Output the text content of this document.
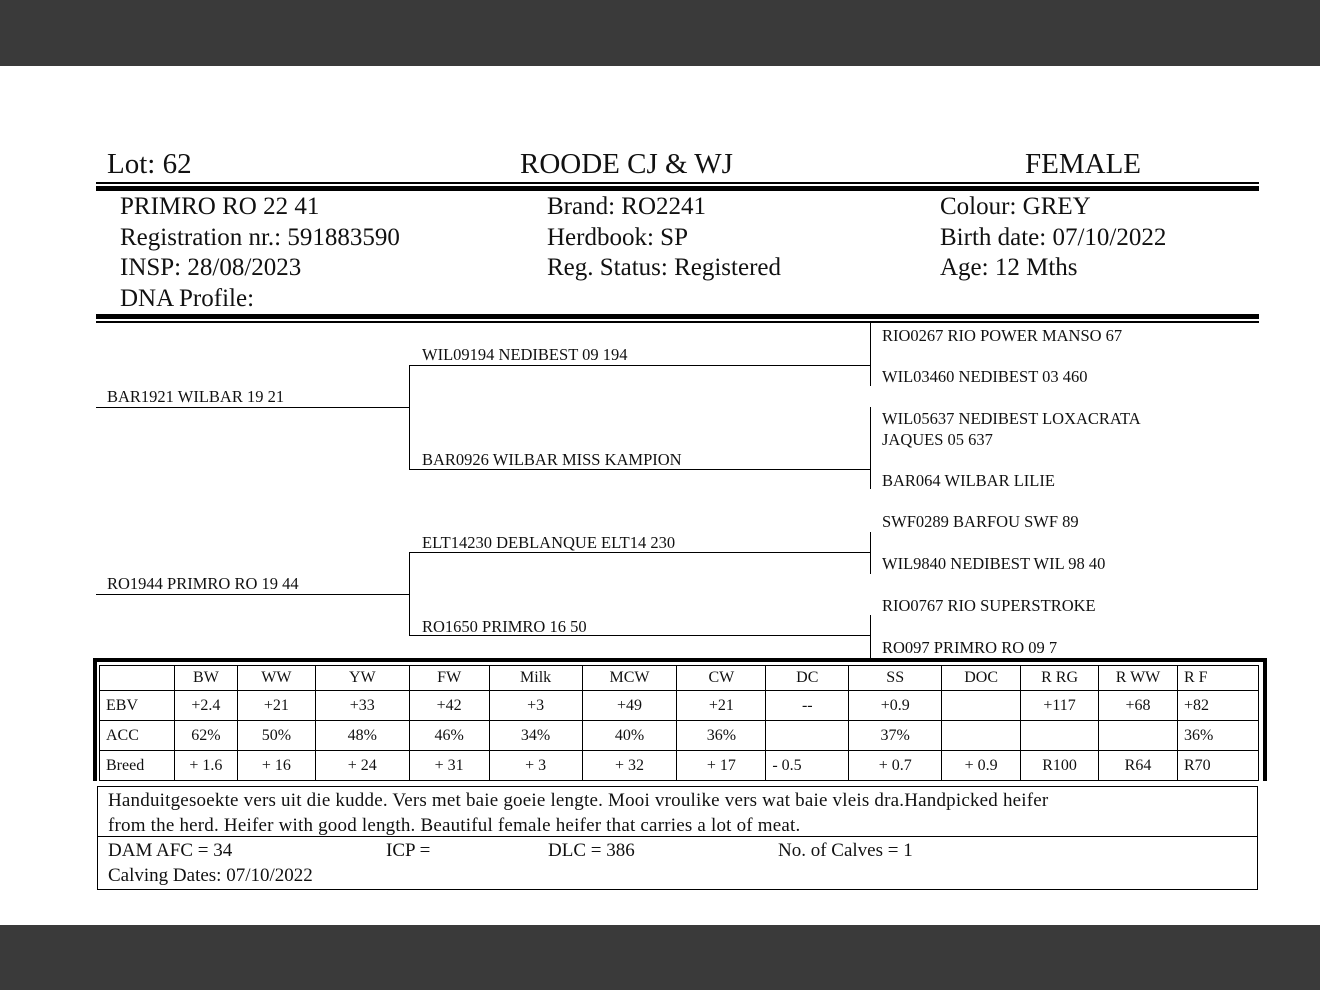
Lot: 62	ROODE CJ & WJ	FEMALE
PRIMRO RO 22 41
Registration nr.: 591883590
INSP: 28/08/2023
DNA Profile:
Brand: RO2241
Herdbook: SP
Reg. Status: Registered
Colour: GREY
Birth date: 07/10/2022
Age: 12 Mths
BAR1921 WILBAR 19 21
RO1944 PRIMRO RO 19 44
WIL09194 NEDIBEST 09 194
BAR0926 WILBAR MISS KAMPION
ELT14230 DEBLANQUE ELT14 230
RO1650 PRIMRO 16 50
RIO0267 RIO POWER MANSO 67
WIL03460 NEDIBEST 03 460
WIL05637 NEDIBEST LOXACRATA
JAQUES 05 637
BAR064 WILBAR LILIE
SWF0289 BARFOU SWF 89
WIL9840 NEDIBEST WIL 98 40
RIO0767 RIO SUPERSTROKE
RO097 PRIMRO RO 09 7
	BW	WW	YW	FW	Milk	MCW	CW	DC	SS	DOC	R RG	R WW	R F
EBV	+2.4	+21	+33	+42	+3	+49	+21	--	+0.9		+117	+68	+82
ACC	62%	50%	48%	46%	34%	40%	36%		37%				36%
Breed	+ 1.6	+ 16	+ 24	+ 31	+ 3	+ 32	+ 17	- 0.5	+ 0.7	+ 0.9	R100	R64	R70
Handuitgesoekte vers uit die kudde. Vers met baie goeie lengte. Mooi vroulike vers wat baie vleis dra.Handpicked heifer
from the herd. Heifer with good length. Beautiful female heifer that carries a lot of meat.
DAM AFC = 34	ICP =	DLC = 386	No. of Calves = 1
Calving Dates: 07/10/2022
